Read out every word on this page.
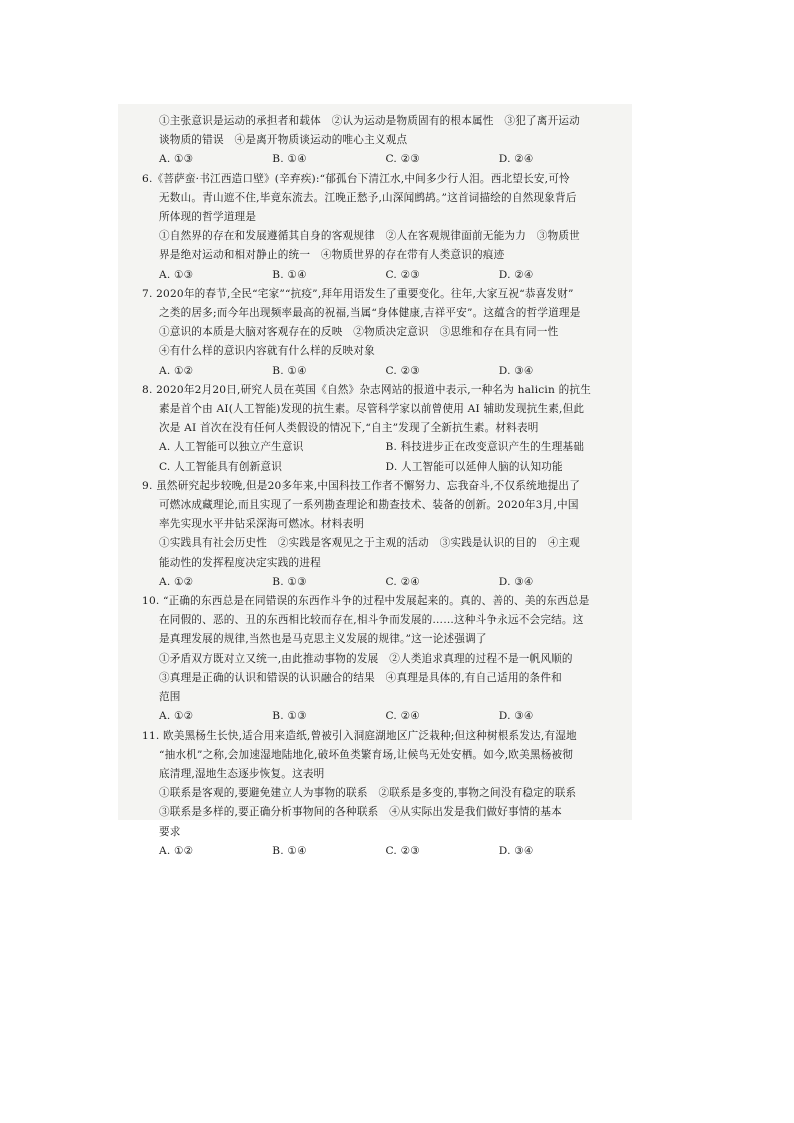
①主张意识是运动的承担者和载体　②认为运动是物质固有的根本属性　③犯了离开运动
谈物质的错误　④是离开物质谈运动的唯心主义观点
A. ①③	B. ①④	C. ②③	D. ②④
6.《菩萨蛮·书江西造口壁》(辛弃疾):“郁孤台下清江水,中间多少行人泪。西北望长安,可怜
无数山。青山遮不住,毕竟东流去。江晚正愁予,山深闻鹧鸪。”这首词描绘的自然现象背后
所体现的哲学道理是
①自然界的存在和发展遵循其自身的客观规律　②人在客观规律面前无能为力　③物质世
界是绝对运动和相对静止的统一　④物质世界的存在带有人类意识的痕迹
A. ①③	B. ①④	C. ②③	D. ②④
7. 2020年的春节,全民“宅家”“抗疫”,拜年用语发生了重要变化。往年,大家互祝“恭喜发财”
之类的居多;而今年出现频率最高的祝福,当属“身体健康,吉祥平安”。这蕴含的哲学道理是
①意识的本质是大脑对客观存在的反映　②物质决定意识　③思维和存在具有同一性
④有什么样的意识内容就有什么样的反映对象
A. ①②	B. ①④	C. ②③	D. ③④
8. 2020年2月20日,研究人员在英国《自然》杂志网站的报道中表示,一种名为 halicin 的抗生
素是首个由 AI(人工智能)发现的抗生素。尽管科学家以前曾使用 AI 辅助发现抗生素,但此
次是 AI 首次在没有任何人类假设的情况下,“自主”发现了全新抗生素。材料表明
A. 人工智能可以独立产生意识	B. 科技进步正在改变意识产生的生理基础
C. 人工智能具有创新意识	D. 人工智能可以延伸人脑的认知功能
9. 虽然研究起步较晚,但是20多年来,中国科技工作者不懈努力、忘我奋斗,不仅系统地提出了
可燃冰成藏理论,而且实现了一系列勘查理论和勘查技术、装备的创新。2020年3月,中国
率先实现水平井钻采深海可燃冰。材料表明
①实践具有社会历史性　②实践是客观见之于主观的活动　③实践是认识的目的　④主观
能动性的发挥程度决定实践的进程
A. ①②	B. ①③	C. ②④	D. ③④
10. “正确的东西总是在同错误的东西作斗争的过程中发展起来的。真的、善的、美的东西总是
在同假的、恶的、丑的东西相比较而存在,相斗争而发展的……这种斗争永远不会完结。这
是真理发展的规律,当然也是马克思主义发展的规律。”这一论述强调了
①矛盾双方既对立又统一,由此推动事物的发展　②人类追求真理的过程不是一帆风顺的
③真理是正确的认识和错误的认识融合的结果　④真理是具体的,有自己适用的条件和
范围
A. ①②	B. ①③	C. ②④	D. ③④
11. 欧美黑杨生长快,适合用来造纸,曾被引入洞庭湖地区广泛栽种;但这种树根系发达,有湿地
“抽水机”之称,会加速湿地陆地化,破坏鱼类繁育场,让候鸟无处安栖。如今,欧美黑杨被彻
底清理,湿地生态逐步恢复。这表明
①联系是客观的,要避免建立人为事物的联系　②联系是多变的,事物之间没有稳定的联系
③联系是多样的,要正确分析事物间的各种联系　④从实际出发是我们做好事情的基本
要求
A. ①②	B. ①④	C. ②③	D. ③④
